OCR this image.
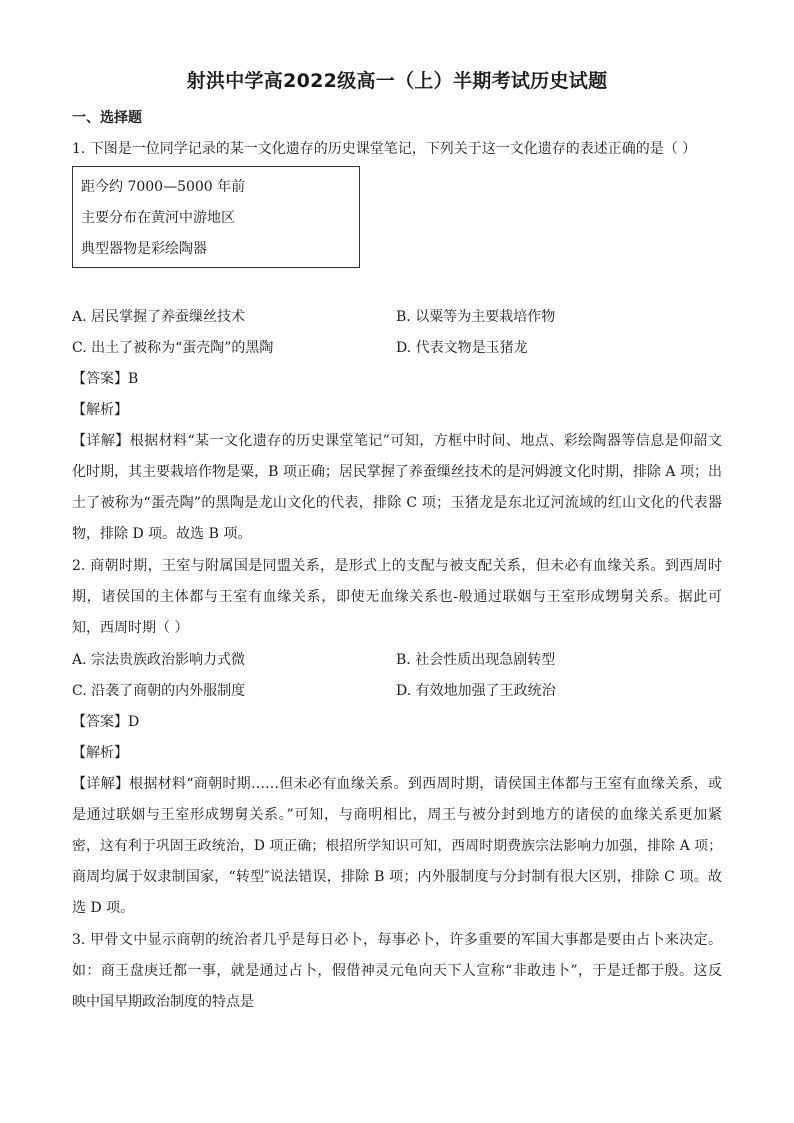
射洪中学高2022级高一（上）半期考试历史试题
一、选择题
1. 下图是一位同学记录的某一文化遗存的历史课堂笔记，下列关于这一文化遗存的表述正确的是（ ）
距今约 7000—5000 年前
主要分布在黄河中游地区
典型器物是彩绘陶器
A. 居民掌握了养蚕缫丝技术	B. 以粟等为主要栽培作物
C. 出土了被称为“蛋壳陶”的黑陶	D. 代表文物是玉猪龙
【答案】B
【解析】
【详解】根据材料“某一文化遗存的历史课堂笔记”可知，方框中时间、地点、彩绘陶器等信息是仰韶文
化时期，其主要栽培作物是粟，B 项正确；居民掌握了养蚕缫丝技术的是河姆渡文化时期，排除 A 项；出
土了被称为“蛋壳陶”的黑陶是龙山文化的代表，排除 C 项；玉猪龙是东北辽河流域的红山文化的代表器
物，排除 D 项。故选 B 项。
2. 商朝时期，王室与附属国是同盟关系，是形式上的支配与被支配关系，但未必有血缘关系。到西周时
期，诸侯国的主体都与王室有血缘关系，即使无血缘关系也-般通过联姻与王室形成甥舅关系。据此可
知，西周时期（ ）
A. 宗法贵族政治影响力式微	B. 社会性质出现急剧转型
C. 沿袭了商朝的内外服制度	D. 有效地加强了王政统治
【答案】D
【解析】
【详解】根据材料“商朝时期……但未必有血缘关系。到西周时期，请侯国主体都与王室有血缘关系，或
是通过联姻与王室形成甥舅关系。”可知，与商明相比，周王与被分封到地方的诸侯的血缘关系更加紧
密，这有利于巩固王政统治，D 项正确；根招所学知识可知，西周时期费族宗法影响力加强，排除 A 项；
商周均属于奴隶制国家，“转型″说法错误，排除 B 项；内外服制度与分封制有很大区别，排除 C 项。故
选 D 项。
3. 甲骨文中显示商朝的统治者几乎是每日必卜，每事必卜，许多重要的军国大事都是要由占卜来决定。
如：商王盘庚迁都一事，就是通过占卜，假借神灵元龟向天下人宣称“非敢违卜”，于是迁都于殷。这反
映中国早期政治制度的特点是
